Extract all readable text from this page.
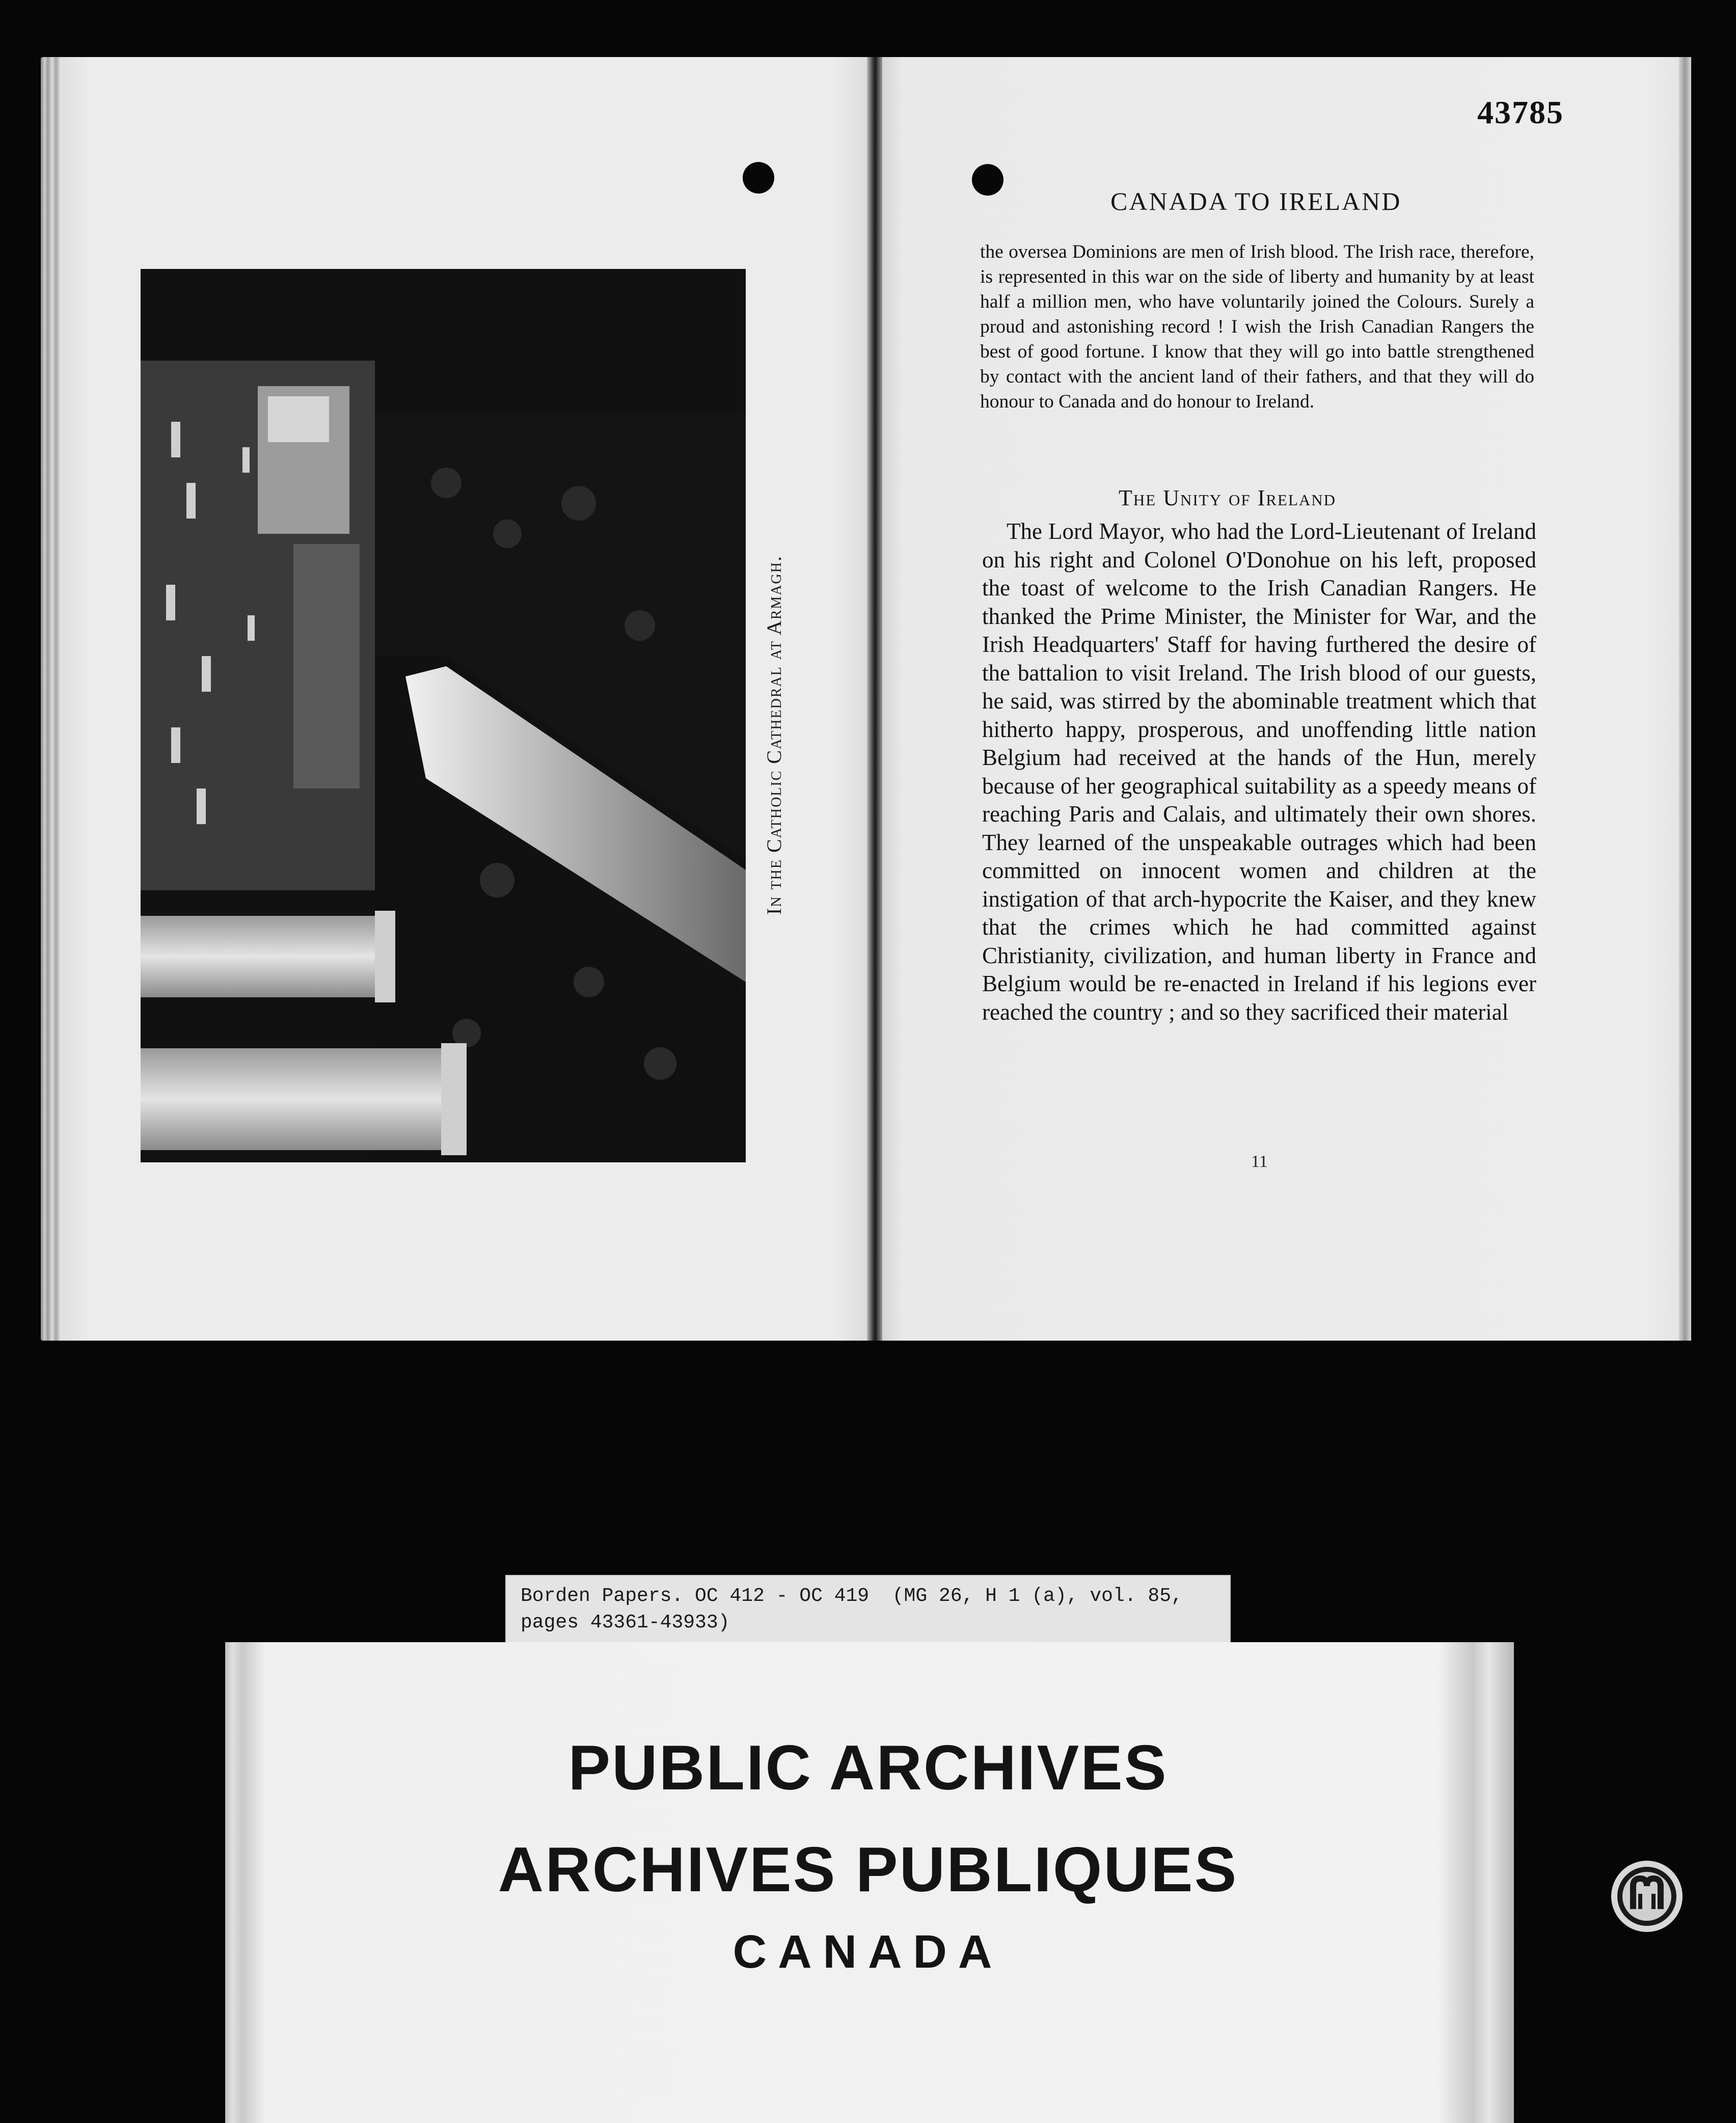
In the Catholic Cathedral at Armagh.
43785
CANADA TO IRELAND
the oversea Dominions are men of Irish blood. The Irish race, therefore, is represented in this war on the side of liberty and humanity by at least half a million men, who have voluntarily joined the Colours. Surely a proud and astonishing record ! I wish the Irish Canadian Rangers the best of good fortune. I know that they will go into battle strengthened by contact with the ancient land of their fathers, and that they will do honour to Canada and do honour to Ireland.
The Unity of Ireland
The Lord Mayor, who had the Lord-Lieutenant of Ireland on his right and Colonel O'Donohue on his left, proposed the toast of welcome to the Irish Canadian Rangers. He thanked the Prime Minister, the Minister for War, and the Irish Headquarters' Staff for having furthered the desire of the battalion to visit Ireland. The Irish blood of our guests, he said, was stirred by the abominable treatment which that hitherto happy, prosperous, and unoffending little nation Belgium had received at the hands of the Hun, merely because of her geographical suitability as a speedy means of reaching Paris and Calais, and ultimately their own shores. They learned of the unspeakable outrages which had been committed on innocent women and children at the instigation of that arch-hypocrite the Kaiser, and they knew that the crimes which he had committed against Christianity, civilization, and human liberty in France and Belgium would be re-enacted in Ireland if his legions ever reached the country ; and so they sacrificed their material
11
Borden Papers. OC 412 - OC 419  (MG 26, H 1 (a), vol. 85,
pages 43361-43933)
PUBLIC ARCHIVES
ARCHIVES PUBLIQUES
CANADA
